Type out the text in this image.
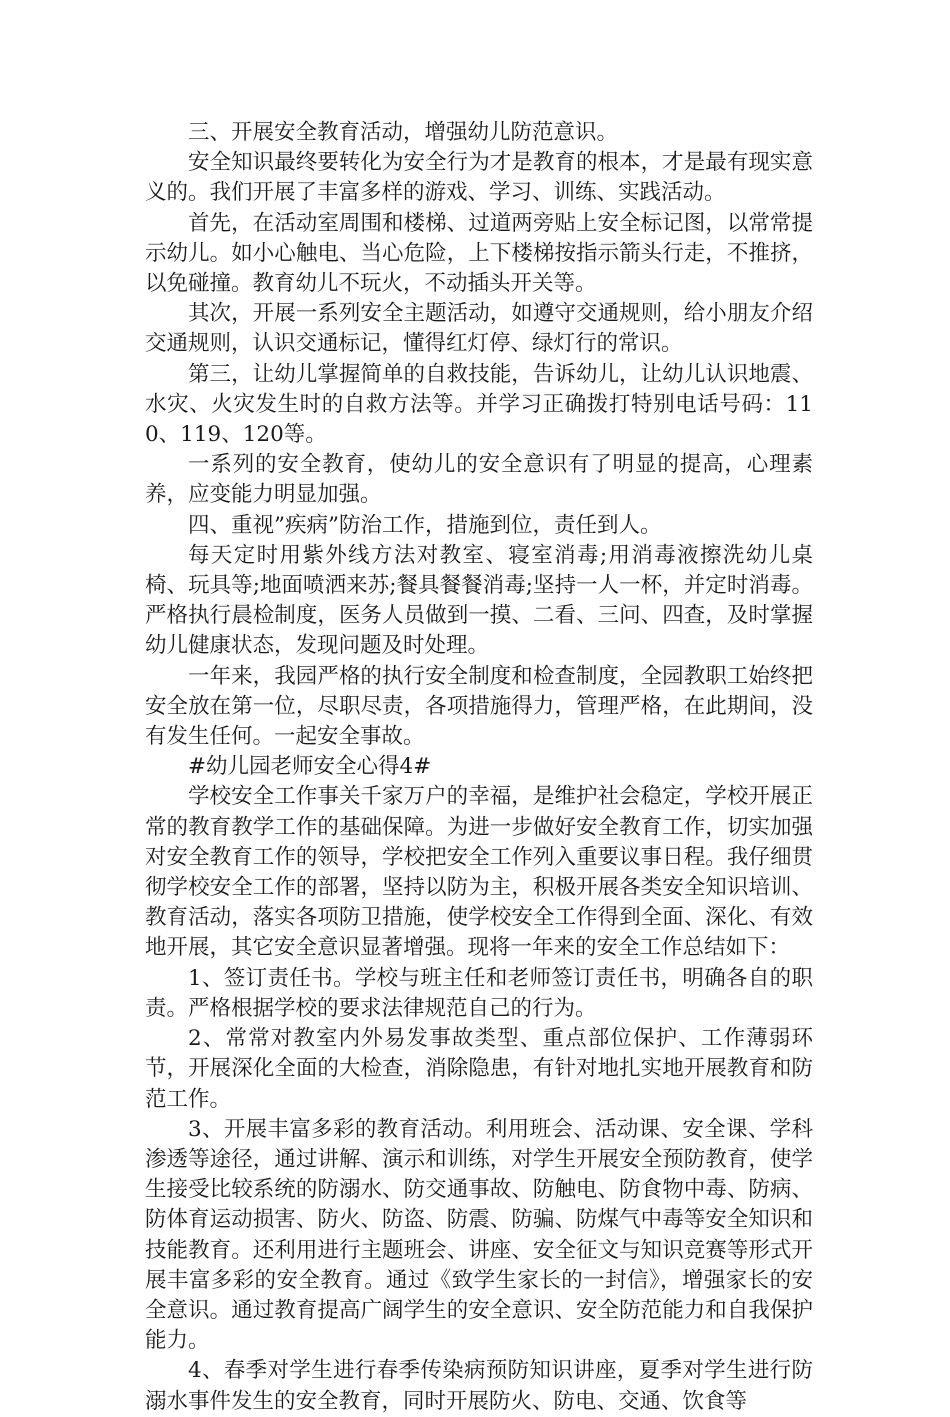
三、开展安全教育活动，增强幼儿防范意识。

安全知识最终要转化为安全行为才是教育的根本，才是最有现实意义的。我们开展了丰富多样的游戏、学习、训练、实践活动。

首先，在活动室周围和楼梯、过道两旁贴上安全标记图，以常常提示幼儿。如小心触电、当心危险，上下楼梯按指示箭头行走，不推挤，以免碰撞。教育幼儿不玩火，不动插头开关等。

其次，开展一系列安全主题活动，如遵守交通规则，给小朋友介绍交通规则，认识交通标记，懂得红灯停、绿灯行的常识。

第三，让幼儿掌握简单的自救技能，告诉幼儿，让幼儿认识地震、水灾、火灾发生时的自救方法等。并学习正确拨打特别电话号码：110、119、120等。

一系列的安全教育，使幼儿的安全意识有了明显的提高，心理素养，应变能力明显加强。

四、重视”疾病”防治工作，措施到位，责任到人。

每天定时用紫外线方法对教室、寝室消毒;用消毒液擦洗幼儿桌椅、玩具等;地面喷洒来苏;餐具餐餐消毒;坚持一人一杯，并定时消毒。严格执行晨检制度，医务人员做到一摸、二看、三问、四查，及时掌握幼儿健康状态，发现问题及时处理。

一年来，我园严格的执行安全制度和检查制度，全园教职工始终把安全放在第一位，尽职尽责，各项措施得力，管理严格，在此期间，没有发生任何。一起安全事故。

#幼儿园老师安全心得4#

学校安全工作事关千家万户的幸福，是维护社会稳定，学校开展正常的教育教学工作的基础保障。为进一步做好安全教育工作，切实加强对安全教育工作的领导，学校把安全工作列入重要议事日程。我仔细贯彻学校安全工作的部署，坚持以防为主，积极开展各类安全知识培训、教育活动，落实各项防卫措施，使学校安全工作得到全面、深化、有效地开展，其它安全意识显著增强。现将一年来的安全工作总结如下：

1、签订责任书。学校与班主任和老师签订责任书，明确各自的职责。严格根据学校的要求法律规范自己的行为。

2、常常对教室内外易发事故类型、重点部位保护、工作薄弱环节，开展深化全面的大检查，消除隐患，有针对地扎实地开展教育和防范工作。

3、开展丰富多彩的教育活动。利用班会、活动课、安全课、学科渗透等途径，通过讲解、演示和训练，对学生开展安全预防教育，使学生接受比较系统的防溺水、防交通事故、防触电、防食物中毒、防病、防体育运动损害、防火、防盗、防震、防骗、防煤气中毒等安全知识和技能教育。还利用进行主题班会、讲座、安全征文与知识竞赛等形式开展丰富多彩的安全教育。通过《致学生家长的一封信》，增强家长的安全意识。通过教育提高广阔学生的安全意识、安全防范能力和自我保护能力。

4、春季对学生进行春季传染病预防知识讲座，夏季对学生进行防溺水事件发生的安全教育，同时开展防火、防电、交通、饮食等
